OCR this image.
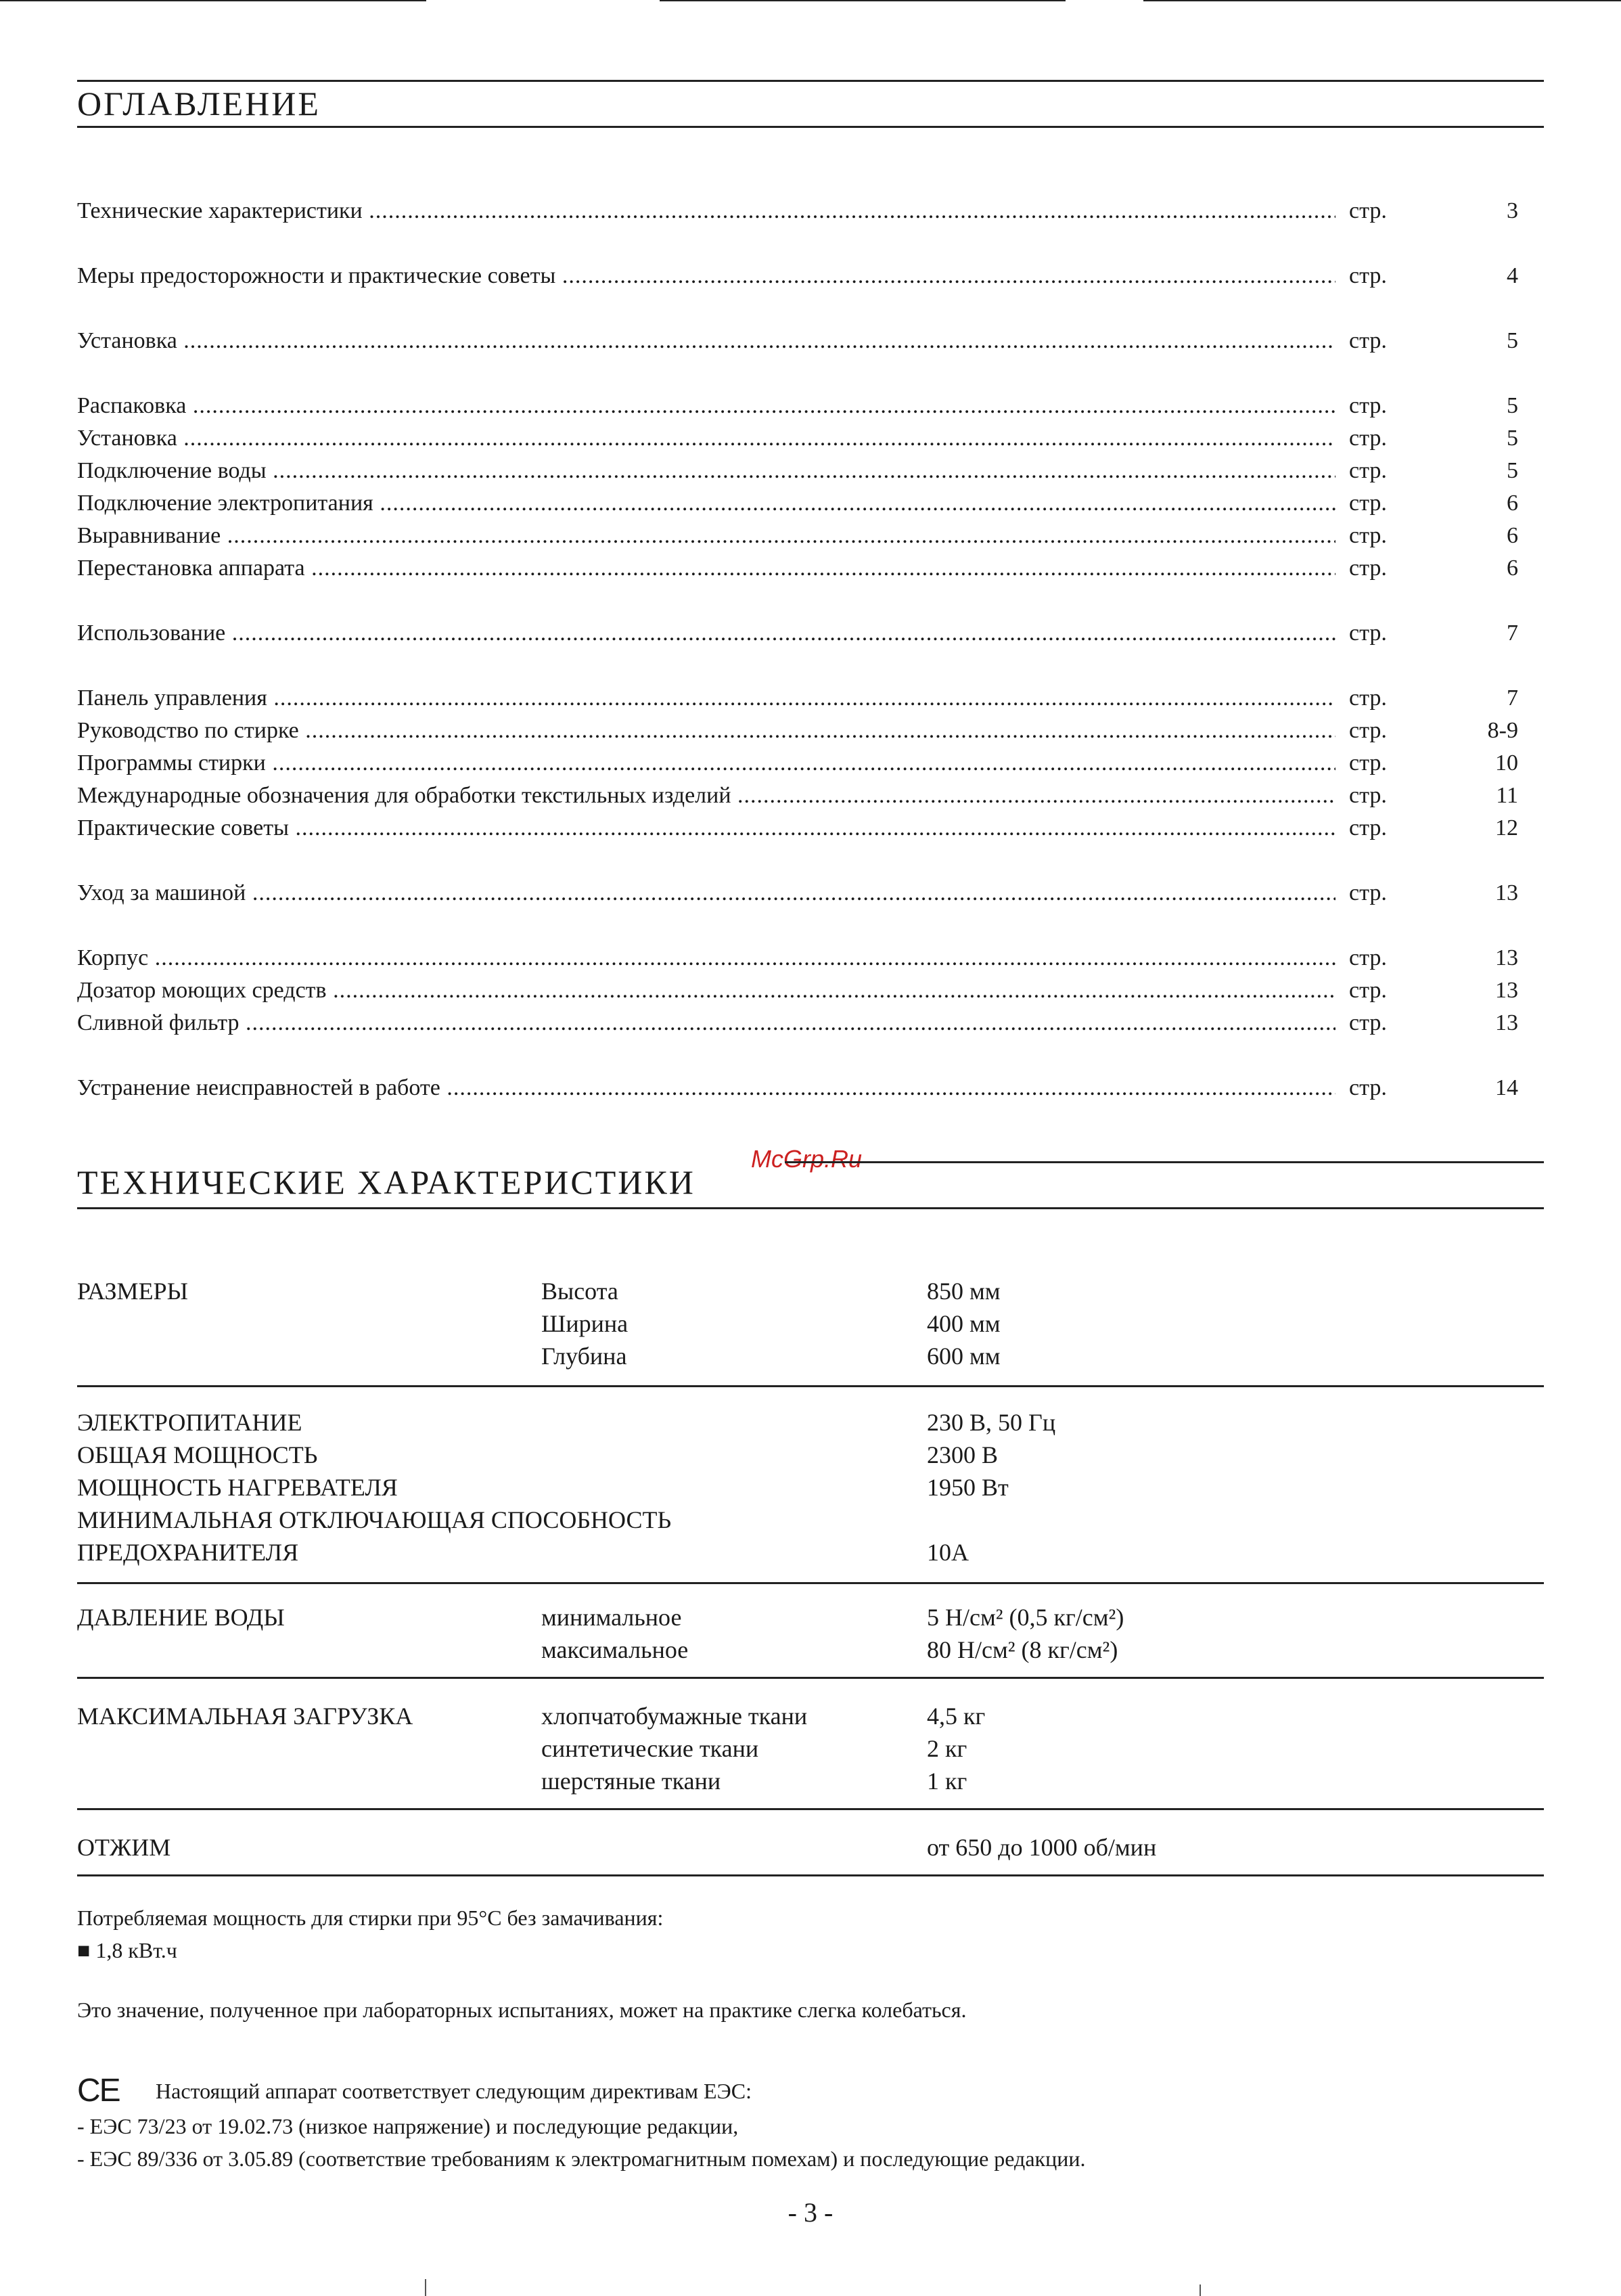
ОГЛАВЛЕНИЕ
Технические характеристики .....	стр.	3
Меры предосторожности и практические советы .....	стр.	4
Установка .....	стр.	5
Распаковка .....	стр.	5
Установка .....	стр.	5
Подключение воды .....	стр.	5
Подключение электропитания .....	стр.	6
Выравнивание .....	стр.	6
Перестановка аппарата .....	стр.	6
Использование .....	стр.	7
Панель управления .....	стр.	7
Руководство по стирке .....	стр.	8-9
Программы стирки .....	стр.	10
Международные обозначения для обработки текстильных изделий .....	стр.	11
Практические советы .....	стр.	12
Уход за машиной .....	стр.	13
Корпус .....	стр.	13
Дозатор моющих средств .....	стр.	13
Сливной фильтр .....	стр.	13
Устранение неисправностей в работе .....	стр.	14
McGrp.Ru
ТЕХНИЧЕСКИЕ ХАРАКТЕРИСТИКИ
РАЗМЕРЫ	Высота	850 мм
Ширина	400 мм
Глубина	600 мм
ЭЛЕКТРОПИТАНИЕ	230 В, 50 Гц
ОБЩАЯ МОЩНОСТЬ	2300 В
МОЩНОСТЬ НАГРЕВАТЕЛЯ	1950 Вт
МИНИМАЛЬНАЯ ОТКЛЮЧАЮЩАЯ СПОСОБНОСТЬ
ПРЕДОХРАНИТЕЛЯ	10А
ДАВЛЕНИЕ ВОДЫ	минимальное	5 Н/см² (0,5 кг/см²)
максимальное	80 Н/см² (8 кг/см²)
МАКСИМАЛЬНАЯ ЗАГРУЗКА	хлопчатобумажные ткани	4,5 кг
синтетические ткани	2 кг
шерстяные ткани	1 кг
ОТЖИМ	от 650 до 1000 об/мин
Потребляемая мощность для стирки при 95°С без замачивания:
■ 1,8 кВт.ч
Это значение, полученное при лабораторных испытаниях, может на практике слегка колебаться.
CE Настоящий аппарат соответствует следующим директивам ЕЭС:
- ЕЭС 73/23 от 19.02.73 (низкое напряжение) и последующие редакции,
- ЕЭС 89/336 от 3.05.89 (соответствие требованиям к электромагнитным помехам) и последующие редакции.
- 3 -
